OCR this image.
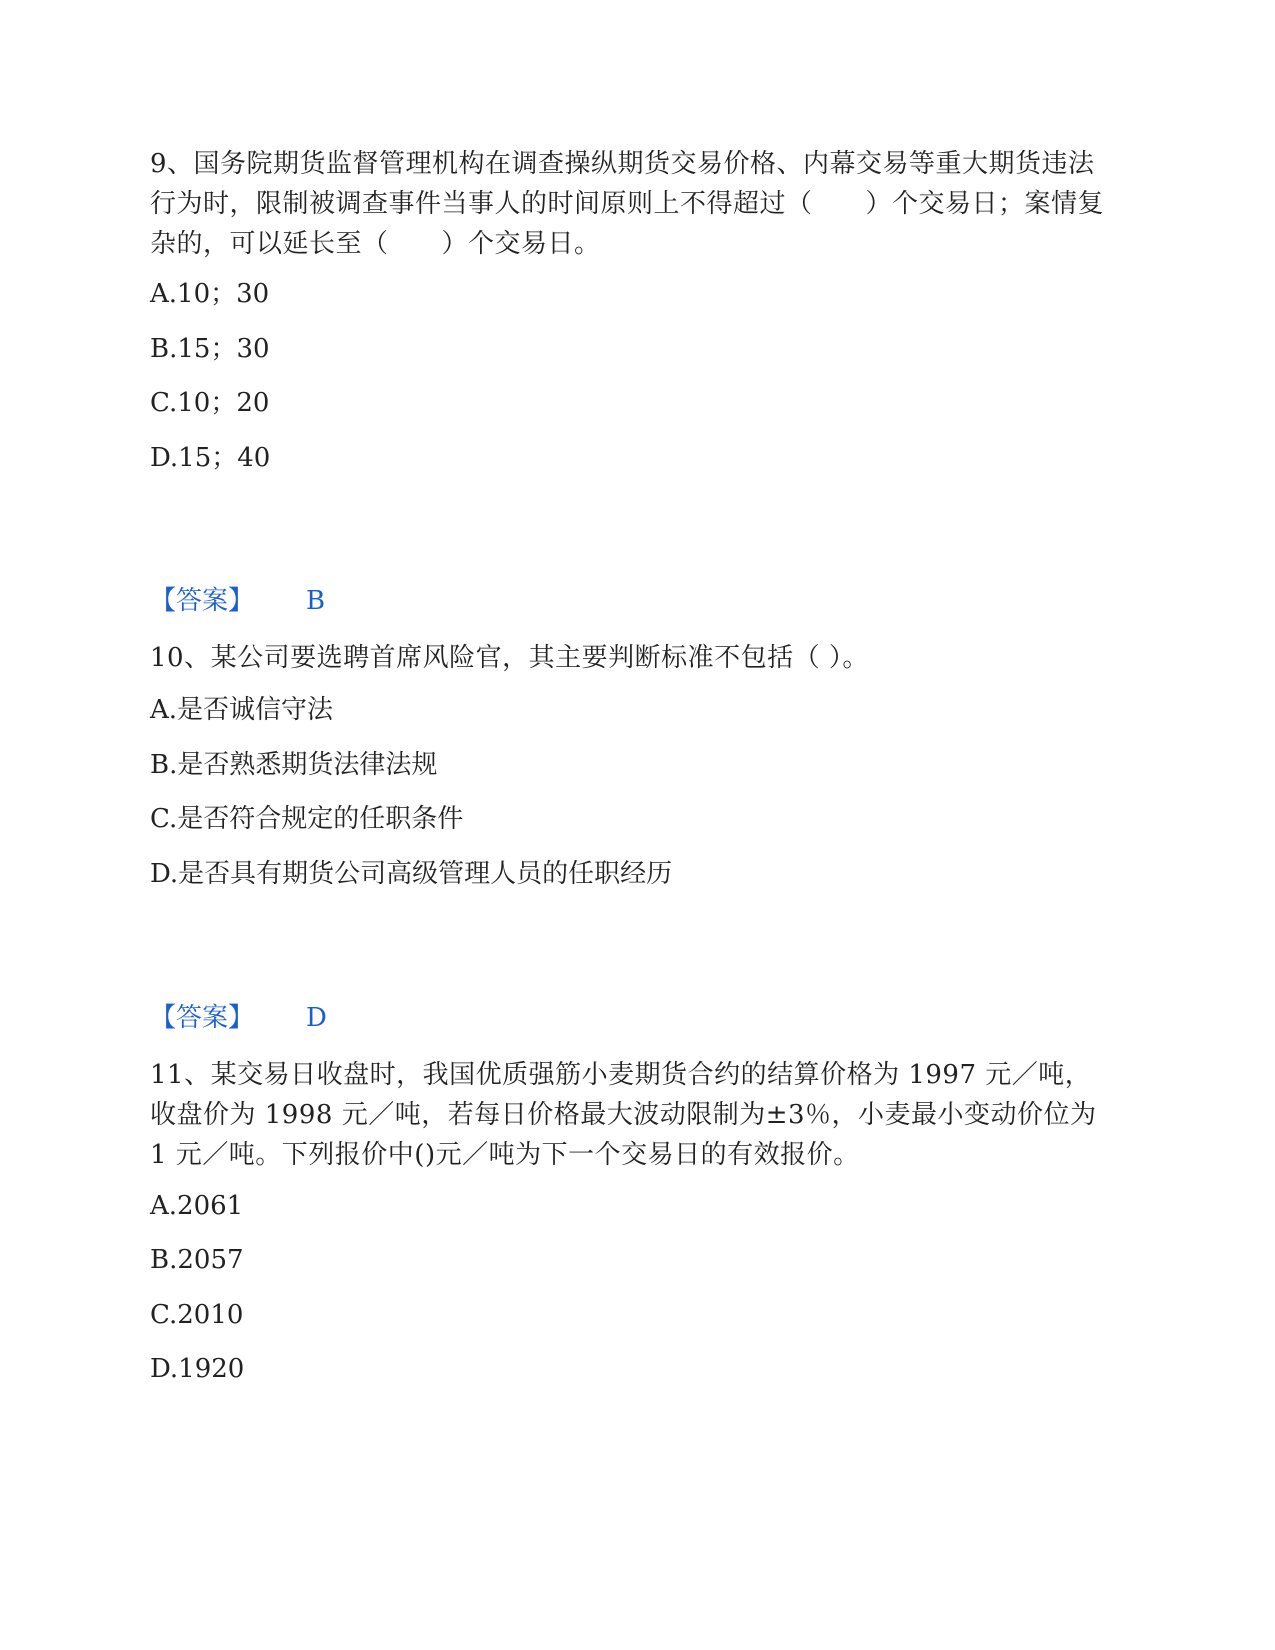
9、国务院期货监督管理机构在调查操纵期货交易价格、内幕交易等重大期货违法行为时，限制被调查事件当事人的时间原则上不得超过（　　）个交易日；案情复杂的，可以延长至（　　）个交易日。
A.10；30
B.15；30
C.10；20
D.15；40
【答案】 B
10、某公司要选聘首席风险官，其主要判断标准不包括（ ）。
A.是否诚信守法
B.是否熟悉期货法律法规
C.是否符合规定的任职条件
D.是否具有期货公司高级管理人员的任职经历
【答案】 D
11、某交易日收盘时，我国优质强筋小麦期货合约的结算价格为 1997 元／吨，收盘价为 1998 元／吨，若每日价格最大波动限制为±3％，小麦最小变动价位为 1 元／吨。下列报价中()元／吨为下一个交易日的有效报价。
A.2061
B.2057
C.2010
D.1920
